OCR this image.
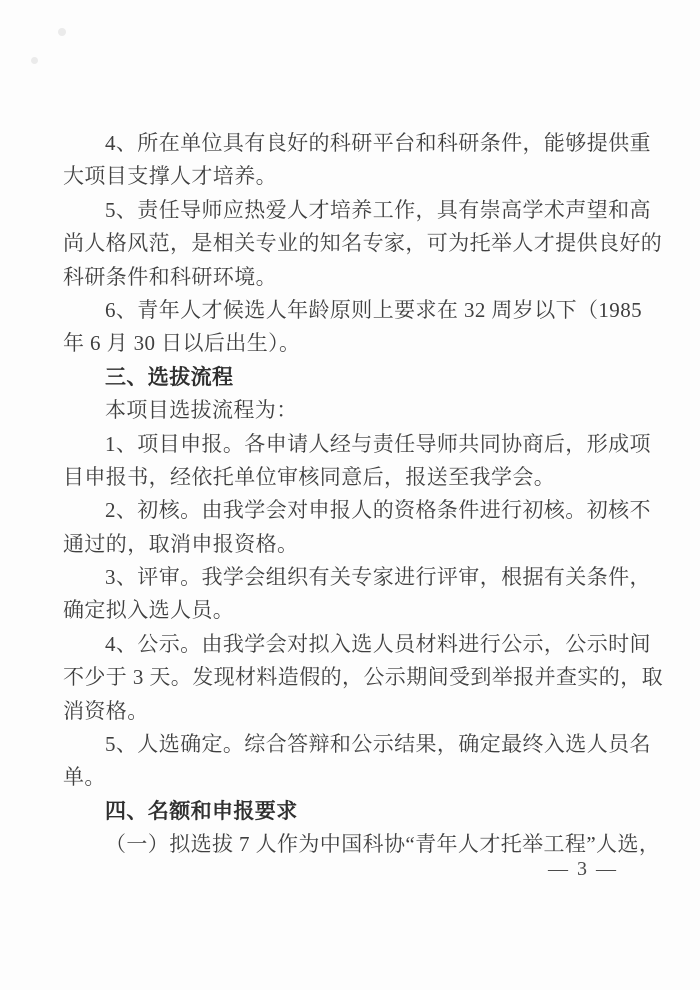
4、所在单位具有良好的科研平台和科研条件，能够提供重
大项目支撑人才培养。
5、责任导师应热爱人才培养工作，具有崇高学术声望和高
尚人格风范，是相关专业的知名专家，可为托举人才提供良好的
科研条件和科研环境。
6、青年人才候选人年龄原则上要求在 32 周岁以下（1985
年 6 月 30 日以后出生）。
三、选拔流程
本项目选拔流程为：
1、项目申报。各申请人经与责任导师共同协商后，形成项
目申报书，经依托单位审核同意后，报送至我学会。
2、初核。由我学会对申报人的资格条件进行初核。初核不
通过的，取消申报资格。
3、评审。我学会组织有关专家进行评审，根据有关条件，
确定拟入选人员。
4、公示。由我学会对拟入选人员材料进行公示，公示时间
不少于 3 天。发现材料造假的，公示期间受到举报并查实的，取
消资格。
5、人选确定。综合答辩和公示结果，确定最终入选人员名
单。
四、名额和申报要求
（一）拟选拔 7 人作为中国科协“青年人才托举工程”人选，
— 3 —
